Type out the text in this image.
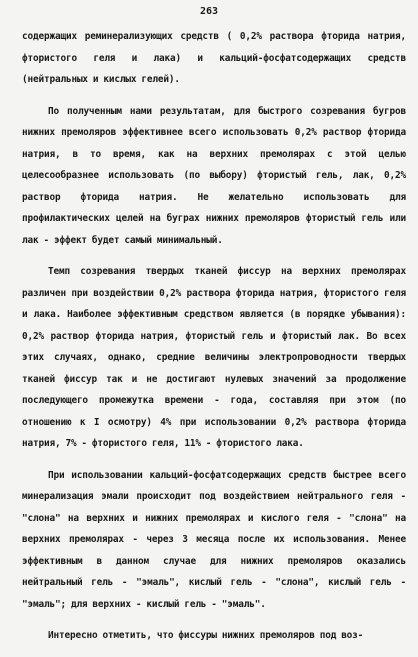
263

содержащих реминерализующих средств ( 0,2% раствора фторида натрия, фтористого геля и лака) и кальций-фосфатсодержащих средств (нейтральных и кислых гелей).

По полученным нами результатам, для быстрого созревания бугров нижних премоляров эффективнее всего использовать 0,2% раствор фторида натрия, в то время, как на верхних премолярах с этой целью целесообразнее использовать (по выбору) фтористый гель, лак, 0,2% раствор фторида натрия. Не желательно использовать для профилактических целей на буграх нижних премоляров фтористый гель или лак - эффект будет самый минимальный.

Темп созревания твердых тканей фиссур на верхних премолярах различен при воздействии 0,2% раствора фторида натрия, фтористого геля и лака. Наиболее эффективным средством является (в порядке убывания): 0,2% раствор фторида натрия, фтористый гель и фтористый лак. Во всех этих случаях, однако, средние величины электропроводности твердых тканей фиссур так и не достигают нулевых значений за продолжение последующего промежутка времени - года, составляя при этом (по отношению к I осмотру) 4% при использовании 0,2% раствора фторида натрия, 7% - фтористого геля, 11% - фтористого лака.

При использовании кальций-фосфатсодержащих средств быстрее всего минерализация эмали происходит под воздействием нейтрального геля - "слона" на верхних и нижних премолярах и кислого геля - "слона" на верхних премолярах - через 3 месяца после их использования. Менее эффективным в данном случае для нижних премоляров оказались нейтральный гель - "эмаль", кислый гель - "слона", кислый гель - "эмаль"; для верхних - кислый гель - "эмаль".

Интересно отметить, что фиссуры нижних премоляров под воз-
